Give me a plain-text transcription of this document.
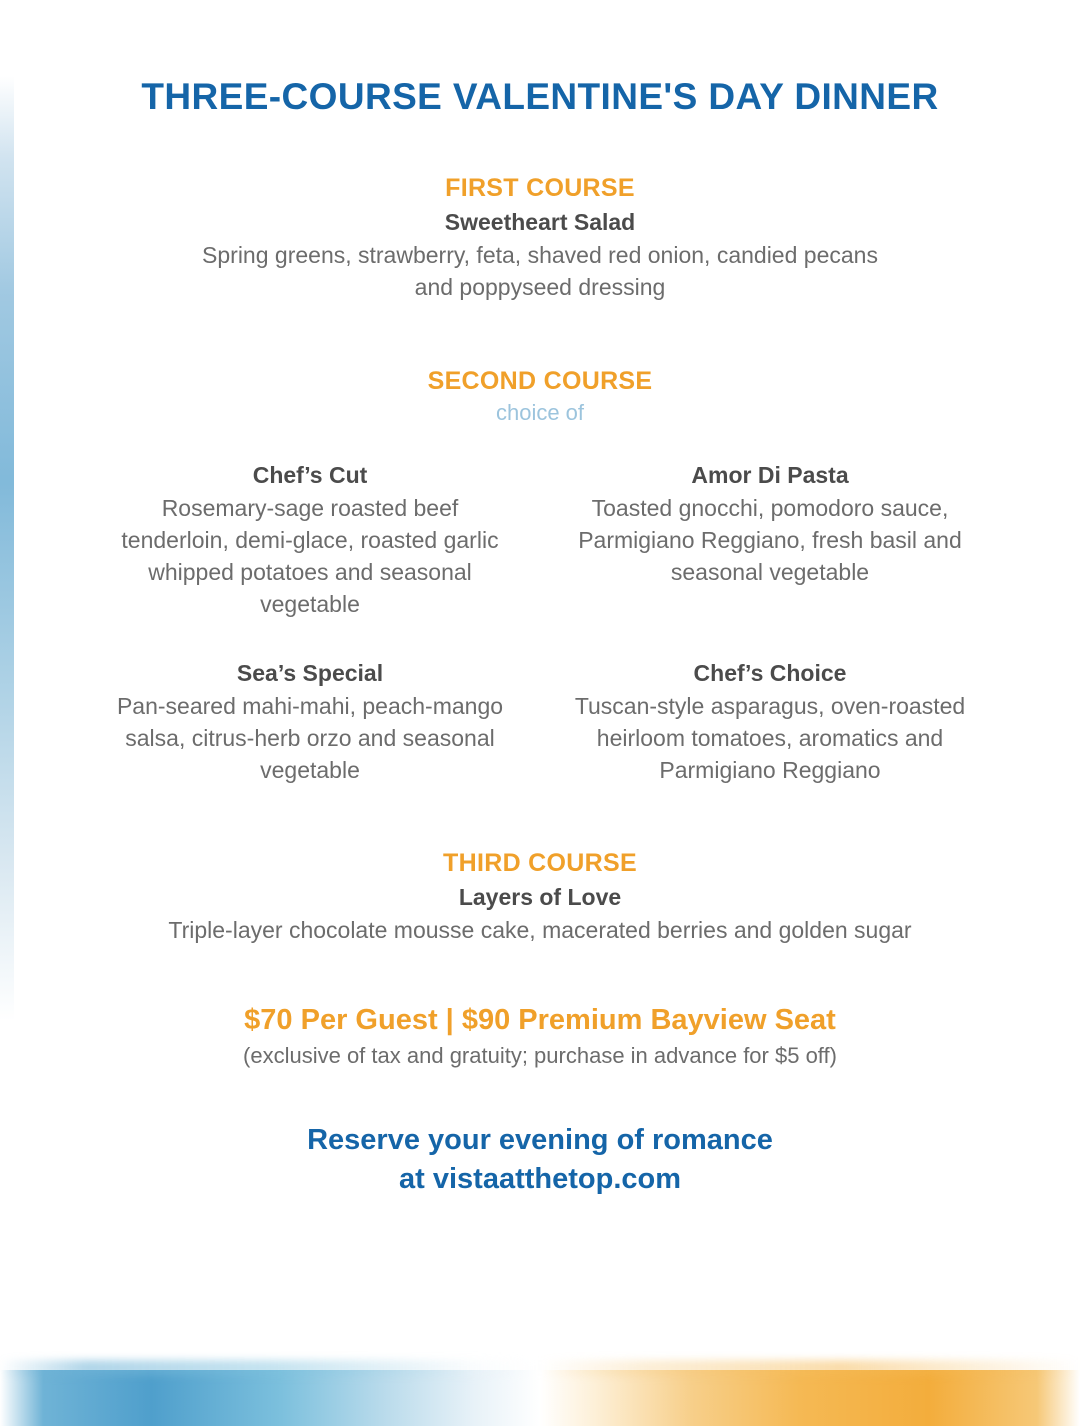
THREE-COURSE VALENTINE'S DAY DINNER
FIRST COURSE
Sweetheart Salad
Spring greens, strawberry, feta, shaved red onion, candied pecans and poppyseed dressing
SECOND COURSE
choice of
Chef’s Cut
Rosemary-sage roasted beef tenderloin, demi-glace, roasted garlic whipped potatoes and seasonal vegetable
Amor Di Pasta
Toasted gnocchi, pomodoro sauce, Parmigiano Reggiano, fresh basil and seasonal vegetable
Sea’s Special
Pan-seared mahi-mahi, peach-mango salsa, citrus-herb orzo and seasonal vegetable
Chef’s Choice
Tuscan-style asparagus, oven-roasted heirloom tomatoes, aromatics and Parmigiano Reggiano
THIRD COURSE
Layers of Love
Triple-layer chocolate mousse cake, macerated berries and golden sugar
$70 Per Guest | $90 Premium Bayview Seat
(exclusive of tax and gratuity; purchase in advance for $5 off)
Reserve your evening of romance
at vistaatthetop.com
